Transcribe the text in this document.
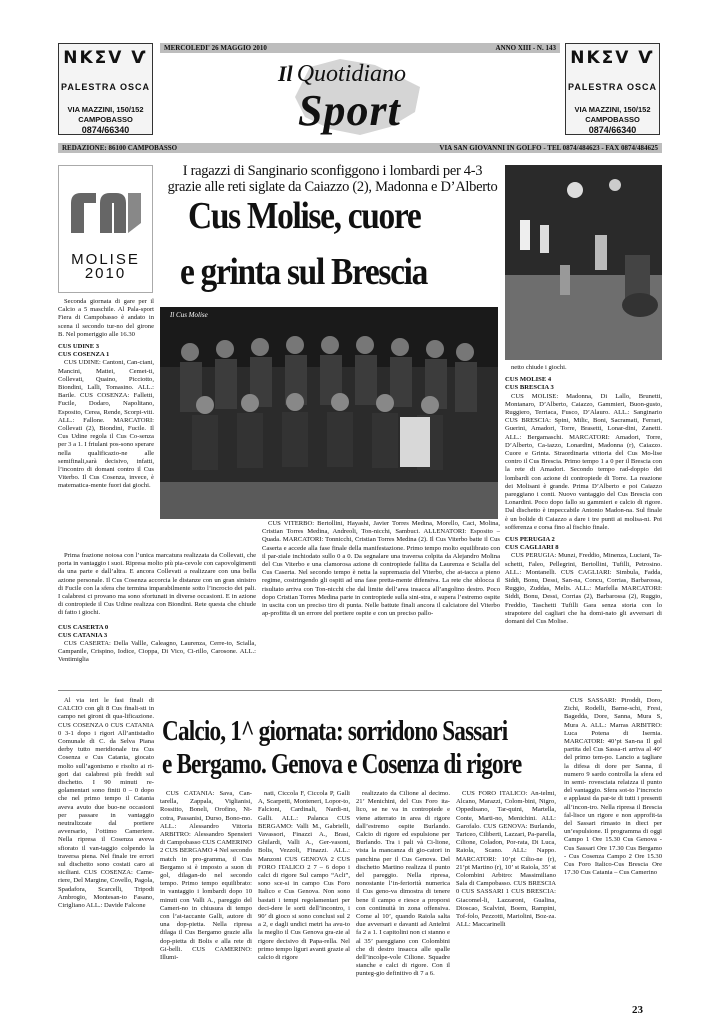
ΝΚΣV Ѵ
PALESTRA OSCA
VIA MAZZINI, 150/152
CAMPOBASSO
0874/66340
ΝΚΣV Ѵ
PALESTRA OSCA
VIA MAZZINI, 150/152
CAMPOBASSO
0874/66340
MERCOLEDI' 26 MAGGIO 2010	ANNO XIII - N. 143
Il Quotidiano
Sport
REDAZIONE: 86100 CAMPOBASSO	VIA SAN GIOVANNI IN GOLFO - TEL 0874/484623 - FAX 0874/484625
MOLISE
2010
I ragazzi di Sanginario sconfiggono i lombardi per 4-3
grazie alle reti siglate da Caiazzo (2), Madonna e D’Alberto
Cus Molise, cuore
e grinta sul Brescia
Il Cus Molise

Seconda giornata di gare per il Calcio a 5 maschile. Al Pala-sport Fiera di Campobasso è andato in scena il secondo tur-no del girone B. Nel pomeriggio alle 16.30

CUS UDINE 3
CUS COSENZA 1

CUS UDINE: Cantoni, Can-ciani, Mancini, Mattei, Cemet-ti, Collevati, Quaino, Picciotto, Biondini, Lalli, Tomasino. ALL.: Barile. CUS COSENZA: Falletti, Fucile, Dodaro, Napolitano, Esposito, Cerea, Rende, Scorpi-viti. ALL.: Fallone. MARCATORI: Collevati (2), Biondini, Fucile. Il Cus Udine regola il Cus Co-senza per 3 a 1. I friulani pos-sono sperare nella qualificazio-ne alle semifinali,sarà decisivo, infatti, l’incontro di domani contro il Cus Viterbo. Il Cus Cosenza, invece, è matematica-mente fuori dai giochi.

Prima frazione noiosa con l’unica marcatura realizzata da Collevati, che porta in vantaggio i suoi. Ripresa molto più pia-cevole con capovolgimenti da una parte e dall’altra. E ancora Collevati a realizzare con una bella azione personale. Il Cus Cosenza accorcia le distanze con un gran sinistro di Fucile con la sfera che termina imparabilmente sotto l’incrocio dei pali. I calabresi ci provano ma sono sfortunati in diverse occasioni. E in azione di contropiede il Cus Udine realizza con Biondini. Rete questa che chiude di fatto i giochi.

CUS CASERTA 0
CUS CATANIA 3

CUS CASERTA: Della Vallle, Caleagno, Laurenza, Cerre-to, Scialla, Campanile, Crispino, Iodice, Cioppa, Di Vico, Ci-rillo, Carosone. ALL.: Ventimiglia

CUS VITERBO: Bertollini, Hayashi, Javier Torres Medina, Morello, Caci, Molina, Cristian Torres Medina, Andreoli, Ton-nicchi, Sambuci. ALLENATORI: Esposito – Quada. MARCATORI: Tonnicchi, Cristian Torres Medina (2). Il Cus Viterbo batte il Cus Caserta e accede alla fase finale della manifestazione. Primo tempo molto equilibrato con il par-ziale inchiodato sullo 0 a 0. Da segnalare una traversa colpita da Alejandro Molina del Cus Viterbo e una clamorosa azione di contropiede fallita da Laurenza e Scialla del Cus Caserta. Nel secondo tempo è netta la supremazia del Viterbo, che at-tacca a pieno regime, costringendo gli ospiti ad una fase pretta-mente difensiva. La rete che sblocca il risultato arriva con Ton-nicchi che dal limite dell’area insacca all’angolino destro. Poco dopo Cristian Torres Medina parte in contropiede sulla sini-stra, e supera l’estremo ospite in uscita con un preciso tiro di punta. Nelle battute finali ancora il calciatore del Viterbo ap-profitta di un errore del portiere ospite e con un preciso pallo-

netto chiude i giochi.

CUS MOLISE 4
CUS BRESCIA 3

CUS MOLISE: Madonna, Di Lallo, Brunetti, Montanaro, D’Alberto, Caiazzo, Gammieri, Buon-gusto, Ruggiero, Terriaca, Fusco, D’Alauro. ALL.: Sanginario CUS BRESCIA: Spini, Milic, Boni, Sacramati, Ferrari, Guerini, Amadori, Torre, Brasetti, Lonar-dini, Zanetti. ALL.: Bergamaschi. MARCATORI: Amadori, Torre, D’Alberto, Ca-iazzo, Lonardini, Madonna (r), Caiazzo. Cuore e Grinta. Straordinaria vittoria del Cus Mo-lise contro il Cus Brescia. Primo tempo 1 a 0 per il Brescia con la rete di Amadori. Secondo tempo rad-doppio dei lombardi con azione di contropiede di Torre. La reazione dei Molisani è grande. Prima D’Alberto e poi Caiazzo pareggiano i conti. Nuovo vantaggio del Cus Brescia con Lonardini. Poco dopo fallo su gammieri e calcio di rigore. Dal dischetto è impeccabile Antonio Madon-na. Sul finale è un bolide di Caiazzo a dare i tre punti ai molisa-ni. Poi sofferenza e corsa fino al fischio finale.

CUS PERUGIA 2
CUS CAGLIARI 8

CUS PERUGIA: Munzi, Freddio, Minenza, Luciani, Ta-schetti, Faleo, Pellegrini, Bertollini, Tufilli, Petrosino. ALL.: Montanelli. CUS CAGLIARI: Simbula, Fadda, Siddi, Bonu, Dessi, San-na, Concu, Corrias, Barbarossa, Ruggio, Zuddas, Melis. ALL.: Marfella MARCATORI: Siddi, Bonu, Dessi, Corrias (2), Barbarossa (2), Ruggio, Freddio, Taschetti Tufilli Gara senza storia con lo strapotere del cagliari che ha domi-nato gli avversari di domani del Cus Molise.

Calcio, 1^ giornata: sorridono Sassari
e Bergamo. Genova e Cosenza di rigore

Al via ieri le fasi finali di CALCIO con gli 8 Cus finali-sti in campo nei gironi di qua-lificazione. CUS COSENZA 0 CUS CATANIA 0 3-1 dopo i rigori All’antistadio Comunale di C. da Selva Piana derby tutto meridionale tra Cus Cosenza e Cus Catania, giocato molto sull’agonismo e risolto ai ri-gori dai calabresi più freddi sul dischetto. I 90 minuti re-golamentari sono finiti 0 – 0 dopo che nel primo tempo il Catania aveva avuto due buo-ne occasioni per passare in vantaggio neutralizzate dal portiere avversario, l’ottimo Cameriere. Nella ripresa il Cosenza aveva sfiorato il van-taggio colpendo la traversa piena. Nel finale tre errori sul dischetto sono costati caro ai siciliani. CUS COSENZA: Came-riere, Del Margine, Covello, Pagola, Spadafora, Scarcelli, Tripodi Ambrogio, Montesan-to Fasano, Cirigliano ALL.: Davide Falcone

CUS CATANIA: Sava, Can-tarella, Zappala, Viglianisi, Rossitto, Boneli, Orofino, Ni-cotra, Passanisi, Durso, Bono-mo. ALL.: Alessandro Vittoria ARBITRO: Alessandro Spensieri di Campobasso CUS CAMERINO 2 CUS BERGAMO 4 Nel secondo match in pro-gramma, il Cus Bergamo si è imposto a suon di gol, dilagan-do nel secondo tempo. Primo tempo equilibrato: in vantaggio i lombardi dopo 10 minuti con Valli A., pareggio del Cameri-no in chiusura di tempo con l’at-taccante Galli, autore di una dop-pietta. Nella ripresa dilaga il Cus Bergamo grazie alla dop-pietta di Bolis e alla rete di Gi-belli. CUS CAMERINO: Illumi-

nati, Ciccola F, Ciccola P, Galli A, Scarpetti, Monteneri, Lopor-to, Falcioni, Cardinali, Nardi-ni, Galli. ALL.: Palanca CUS BERGAMO: Valli M., Gabrielli, Vavassori, Finazzi A., Brasi, Ghilardi, Valli A., Ger-vasoni, Bolis, Vezzoli, Finazzi. ALL.: Manzoni CUS GENOVA 2 CUS FORO ITALICO 2 7 – 6 dopo i calci di rigore Sul campo “Acli”, sono sce-si in campo Cus Foro Italico e Cus Genova. Non sono bastati i tempi regolamentari per deci-dere le sorti dell’incontro, i 90’ di gioco si sono conclusi sul 2 a 2, e dagli undici metri ha avu-to la meglio il Cus Genova gra-zie al rigore decisivo di Papa-rella. Nel primo tempo liguri avanti grazie al calcio di rigore

realizzato da Cilione al decimo. 21’ Menichini, del Cus Foro ita-lico, se ne va in contropiede e viene atterrato in area di rigore dall’estremo ospite Burlando. Calcio di rigore ed espulsione per Burlando. Tra i pali và Ci-lione, vista la mancanza di gio-catori in panchina per il Cus Genova. Del dischetto Martino realizza il punto del pareggio. Nella ripresa, nonostante l’in-feriorità numerica il Cus geno-va dimostra di tenere bene il campo e riesce a proporsi con continuità in zona offensiva. Come al 10’, quando Raiola salta due avversari e davanti ad Antelmi fa 2 a 1. I capitolini non ci stanno e al 35’ pareggiano con Colombini che di destro insacca alle spalle dell’incolpe-vole Cilione. Squadre stanche e calci di rigore. Con il punteg-gio definitivo di 7 a 6.

CUS FORO ITALICO: An-telmi, Alcano, Marazzi, Colom-bini, Nigro, Oppedisano, Tar-quini, Martella, Conte, Marti-no, Menichini. ALL: Garofalo. CUS GENOVA: Burlando, Tariceo, Ciliberti, Lazzari, Pa-parella, Cilione, Coladon, Por-rata, Di Luca, Raiola, Scano. ALL: Nappo. MARCATORI: 10’pt Cilio-ne (r), 21’pt Martino (r), 10’ st Raiola, 35’ st Colombini Arbitro: Massimiliano Sala di Campobasso. CUS BRESCIA 0 CUS SASSARI 1 CUS BRESCIA: Giacomel-li, Lazzaroni, Gualina, Dioscao, Scalvini, Boem, Rampini, Tof-folo, Pezzotti, Mariolini, Boz-za. ALL: Maccarinelli

CUS SASSARI: Piroddi, Doro, Zichi, Rodelli, Barne-schi, Fresi, Bagedda, Dore, Sanna, Mura S, Mura A. ALL.: Marras ARBITRO: Luca Potena di Isernia. MARCATORI: 40’pt San-na Il gol partita del Cus Sassa-ri arriva al 40’ del primo tem-po. Lancio a tagliare la difesa di dore per Sanna, il numero 9 sardo controlla la sfera ed in semi- rovesciata relaizza il punto del vantaggio. Sfera sot-to l’incrocio e applausi da par-te di tutti i presenti all’incon-tro. Nella ripresa il Brescia fal-lisce un rigore e non approfit-ta del Sassari rimasto in dieci per un’espulsione. Il programma di oggi Campo 1 Ore 15.30 Cus Genova - Cus Sassari Ore 17.30 Cus Bergamo - Cus Cosenza Campo 2 Ore 15.30 Cus Foro Italico-Cus Brescia Ore 17.30 Cus Catania – Cus Camerino

23
